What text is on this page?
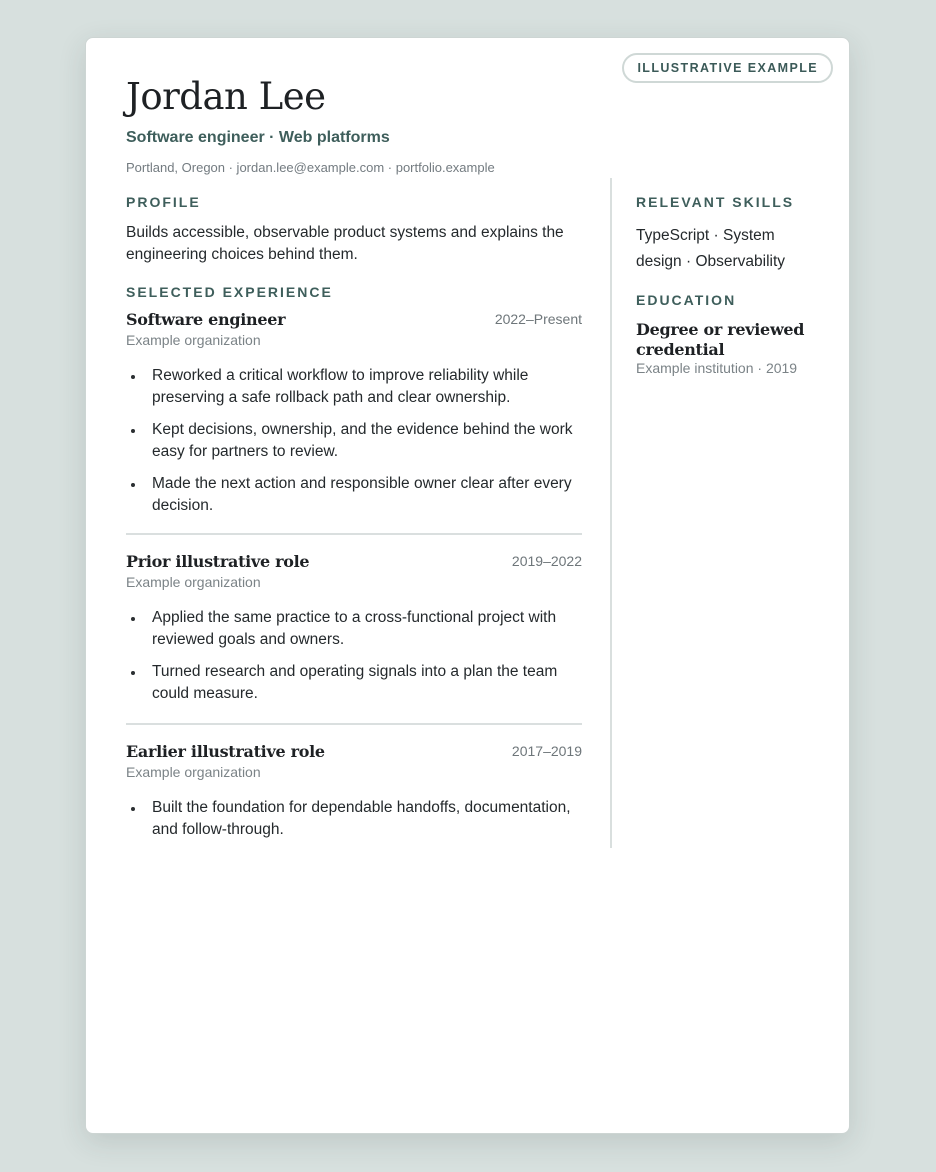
ILLUSTRATIVE EXAMPLE
Jordan Lee
Software engineer · Web platforms
Portland, Oregon · jordan.lee@example.com · portfolio.example
PROFILE
Builds accessible, observable product systems and explains the engineering choices behind them.
SELECTED EXPERIENCE
Software engineer	2022–Present
Example organization
Reworked a critical workflow to improve reliability while preserving a safe rollback path and clear ownership.
Kept decisions, ownership, and the evidence behind the work easy for partners to review.
Made the next action and responsible owner clear after every decision.
Prior illustrative role	2019–2022
Example organization
Applied the same practice to a cross-functional project with reviewed goals and owners.
Turned research and operating signals into a plan the team could measure.
Earlier illustrative role	2017–2019
Example organization
Built the foundation for dependable handoffs, documentation, and follow-through.
RELEVANT SKILLS
TypeScript · System design · Observability
EDUCATION
Degree or reviewed credential
Example institution · 2019
